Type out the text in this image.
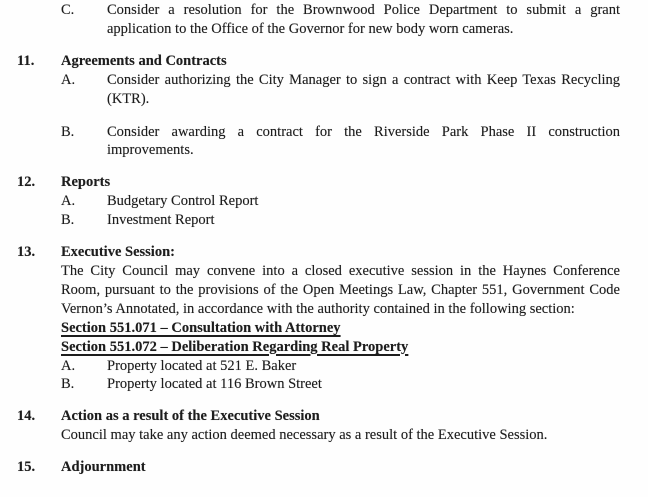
C.	Consider a resolution for the Brownwood Police Department to submit a grant application to the Office of the Governor for new body worn cameras.
11.	Agreements and Contracts
A.	Consider authorizing the City Manager to sign a contract with Keep Texas Recycling (KTR).
B.	Consider awarding a contract for the Riverside Park Phase II construction improvements.
12.	Reports
A.	Budgetary Control Report
B.	Investment Report
13.	Executive Session:
The City Council may convene into a closed executive session in the Haynes Conference Room, pursuant to the provisions of the Open Meetings Law, Chapter 551, Government Code Vernon’s Annotated, in accordance with the authority contained in the following section:
Section 551.071 – Consultation with Attorney
Section 551.072 – Deliberation Regarding Real Property
A.	Property located at 521 E. Baker
B.	Property located at 116 Brown Street
14.	Action as a result of the Executive Session
Council may take any action deemed necessary as a result of the Executive Session.
15.	Adjournment
